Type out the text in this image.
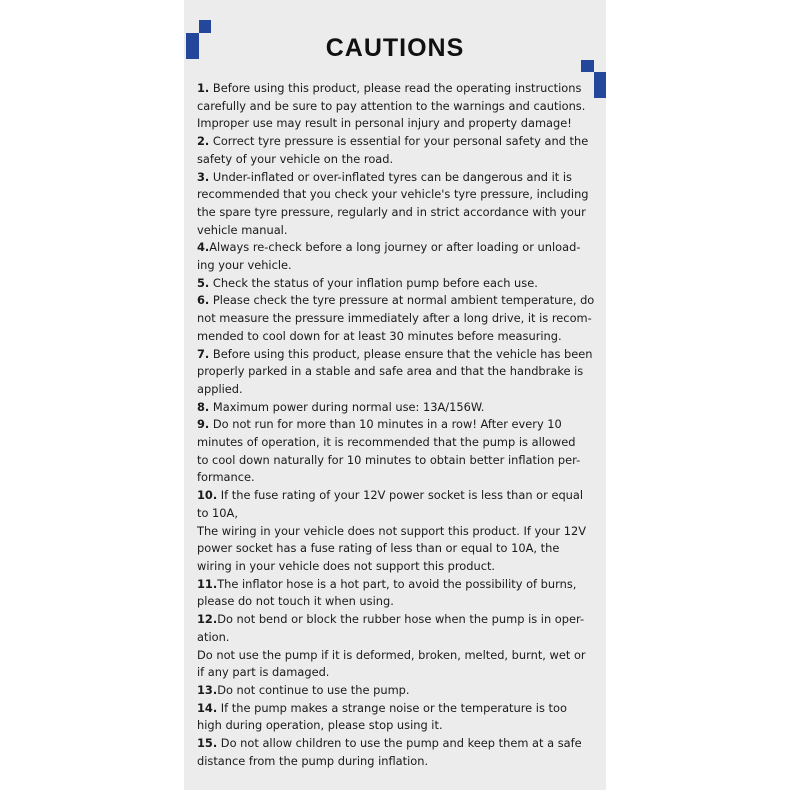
CAUTIONS
1. Before using this product, please read the operating instructions
carefully and be sure to pay attention to the warnings and cautions.
Improper use may result in personal injury and property damage!
2. Correct tyre pressure is essential for your personal safety and the
safety of your vehicle on the road.
3. Under-inflated or over-inflated tyres can be dangerous and it is
recommended that you check your vehicle's tyre pressure, including
the spare tyre pressure, regularly and in strict accordance with your
vehicle manual.
4.Always re-check before a long journey or after loading or unload-
ing your vehicle.
5. Check the status of your inflation pump before each use.
6. Please check the tyre pressure at normal ambient temperature, do
not measure the pressure immediately after a long drive, it is recom-
mended to cool down for at least 30 minutes before measuring.
7. Before using this product, please ensure that the vehicle has been
properly parked in a stable and safe area and that the handbrake is
applied.
8. Maximum power during normal use: 13A/156W.
9. Do not run for more than 10 minutes in a row! After every 10
minutes of operation, it is recommended that the pump is allowed
to cool down naturally for 10 minutes to obtain better inflation per-
formance.
10. If the fuse rating of your 12V power socket is less than or equal
to 10A,
The wiring in your vehicle does not support this product. If your 12V
power socket has a fuse rating of less than or equal to 10A, the
wiring in your vehicle does not support this product.
11.The inflator hose is a hot part, to avoid the possibility of burns,
please do not touch it when using.
12.Do not bend or block the rubber hose when the pump is in oper-
ation.
Do not use the pump if it is deformed, broken, melted, burnt, wet or
if any part is damaged.
13.Do not continue to use the pump.
14. If the pump makes a strange noise or the temperature is too
high during operation, please stop using it.
15. Do not allow children to use the pump and keep them at a safe
distance from the pump during inflation.
